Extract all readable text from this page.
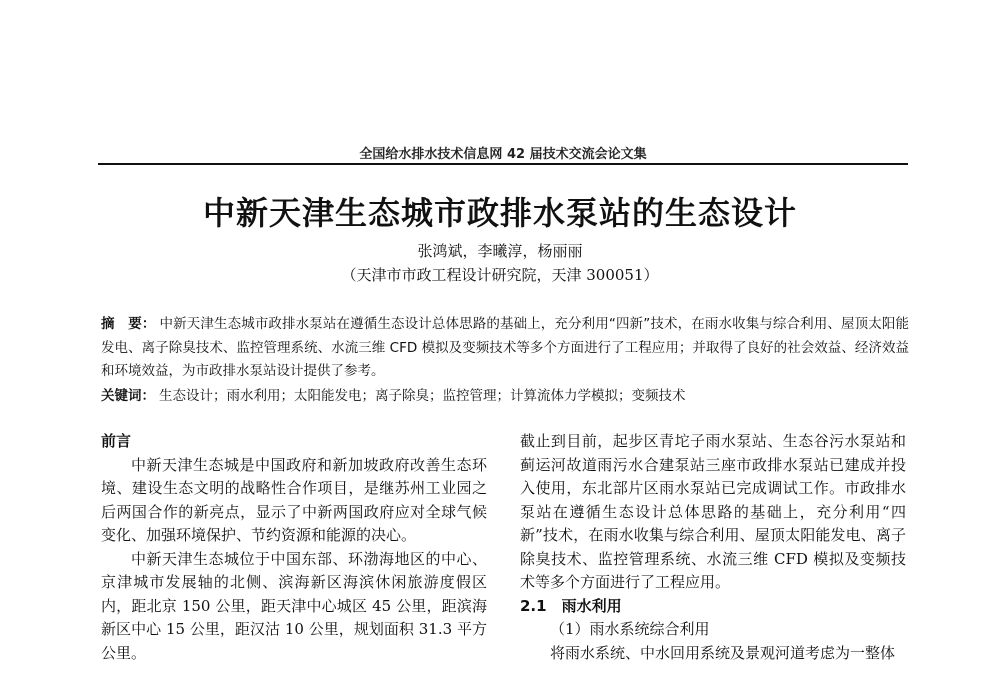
全国给水排水技术信息网 42 届技术交流会论文集
中新天津生态城市政排水泵站的生态设计
张鸿斌，李曦淳，杨丽丽
（天津市市政工程设计研究院，天津 300051）
摘　要： 中新天津生态城市政排水泵站在遵循生态设计总体思路的基础上，充分利用“四新”技术，在雨水收集与综合利用、屋顶太阳能发电、离子除臭技术、监控管理系统、水流三维 CFD 模拟及变频技术等多个方面进行了工程应用；并取得了良好的社会效益、经济效益和环境效益，为市政排水泵站设计提供了参考。
关键词： 生态设计；雨水利用；太阳能发电；离子除臭；监控管理；计算流体力学模拟；变频技术

前言

中新天津生态城是中国政府和新加坡政府改善生态环境、建设生态文明的战略性合作项目，是继苏州工业园之后两国合作的新亮点，显示了中新两国政府应对全球气候变化、加强环境保护、节约资源和能源的决心。

中新天津生态城位于中国东部、环渤海地区的中心、京津城市发展轴的北侧、滨海新区海滨休闲旅游度假区内，距北京 150 公里，距天津中心城区 45 公里，距滨海新区中心 15 公里，距汉沽 10 公里，规划面积 31.3 平方公里。

截止到目前，起步区青坨子雨水泵站、生态谷污水泵站和蓟运河故道雨污水合建泵站三座市政排水泵站已建成并投入使用，东北部片区雨水泵站已完成调试工作。市政排水泵站在遵循生态设计总体思路的基础上，充分利用“四新”技术，在雨水收集与综合利用、屋顶太阳能发电、离子除臭技术、监控管理系统、水流三维 CFD 模拟及变频技术等多个方面进行了工程应用。

2.1　雨水利用

（1）雨水系统综合利用

将雨水系统、中水回用系统及景观河道考虑为一整体
